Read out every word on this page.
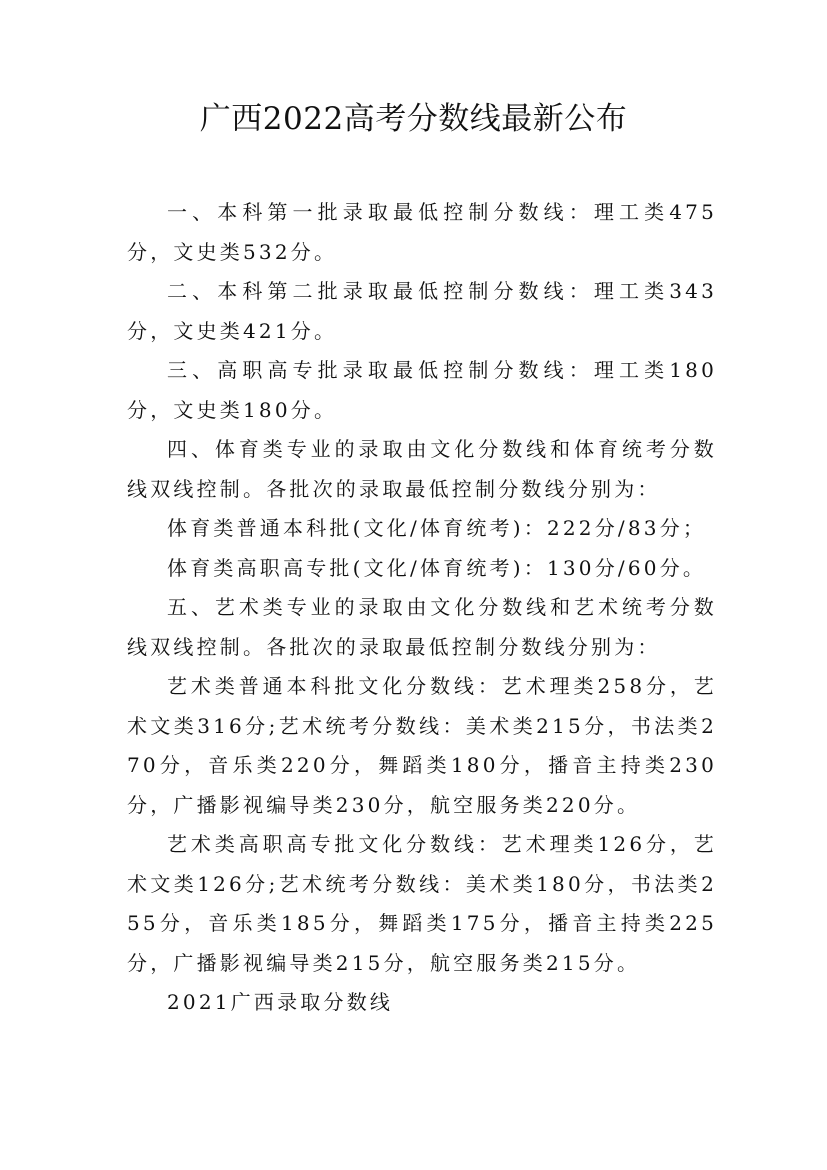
广西2022高考分数线最新公布

一、本科第一批录取最低控制分数线：理工类475分，文史类532分。

二、本科第二批录取最低控制分数线：理工类343分，文史类421分。

三、高职高专批录取最低控制分数线：理工类180分，文史类180分。

四、体育类专业的录取由文化分数线和体育统考分数线双线控制。各批次的录取最低控制分数线分别为：

体育类普通本科批(文化/体育统考)：222分/83分；

体育类高职高专批(文化/体育统考)：130分/60分。

五、艺术类专业的录取由文化分数线和艺术统考分数线双线控制。各批次的录取最低控制分数线分别为：

艺术类普通本科批文化分数线：艺术理类258分，艺术文类316分;艺术统考分数线：美术类215分，书法类270分，音乐类220分，舞蹈类180分，播音主持类230分，广播影视编导类230分，航空服务类220分。

艺术类高职高专批文化分数线：艺术理类126分，艺术文类126分;艺术统考分数线：美术类180分，书法类255分，音乐类185分，舞蹈类175分，播音主持类225分，广播影视编导类215分，航空服务类215分。

2021广西录取分数线
